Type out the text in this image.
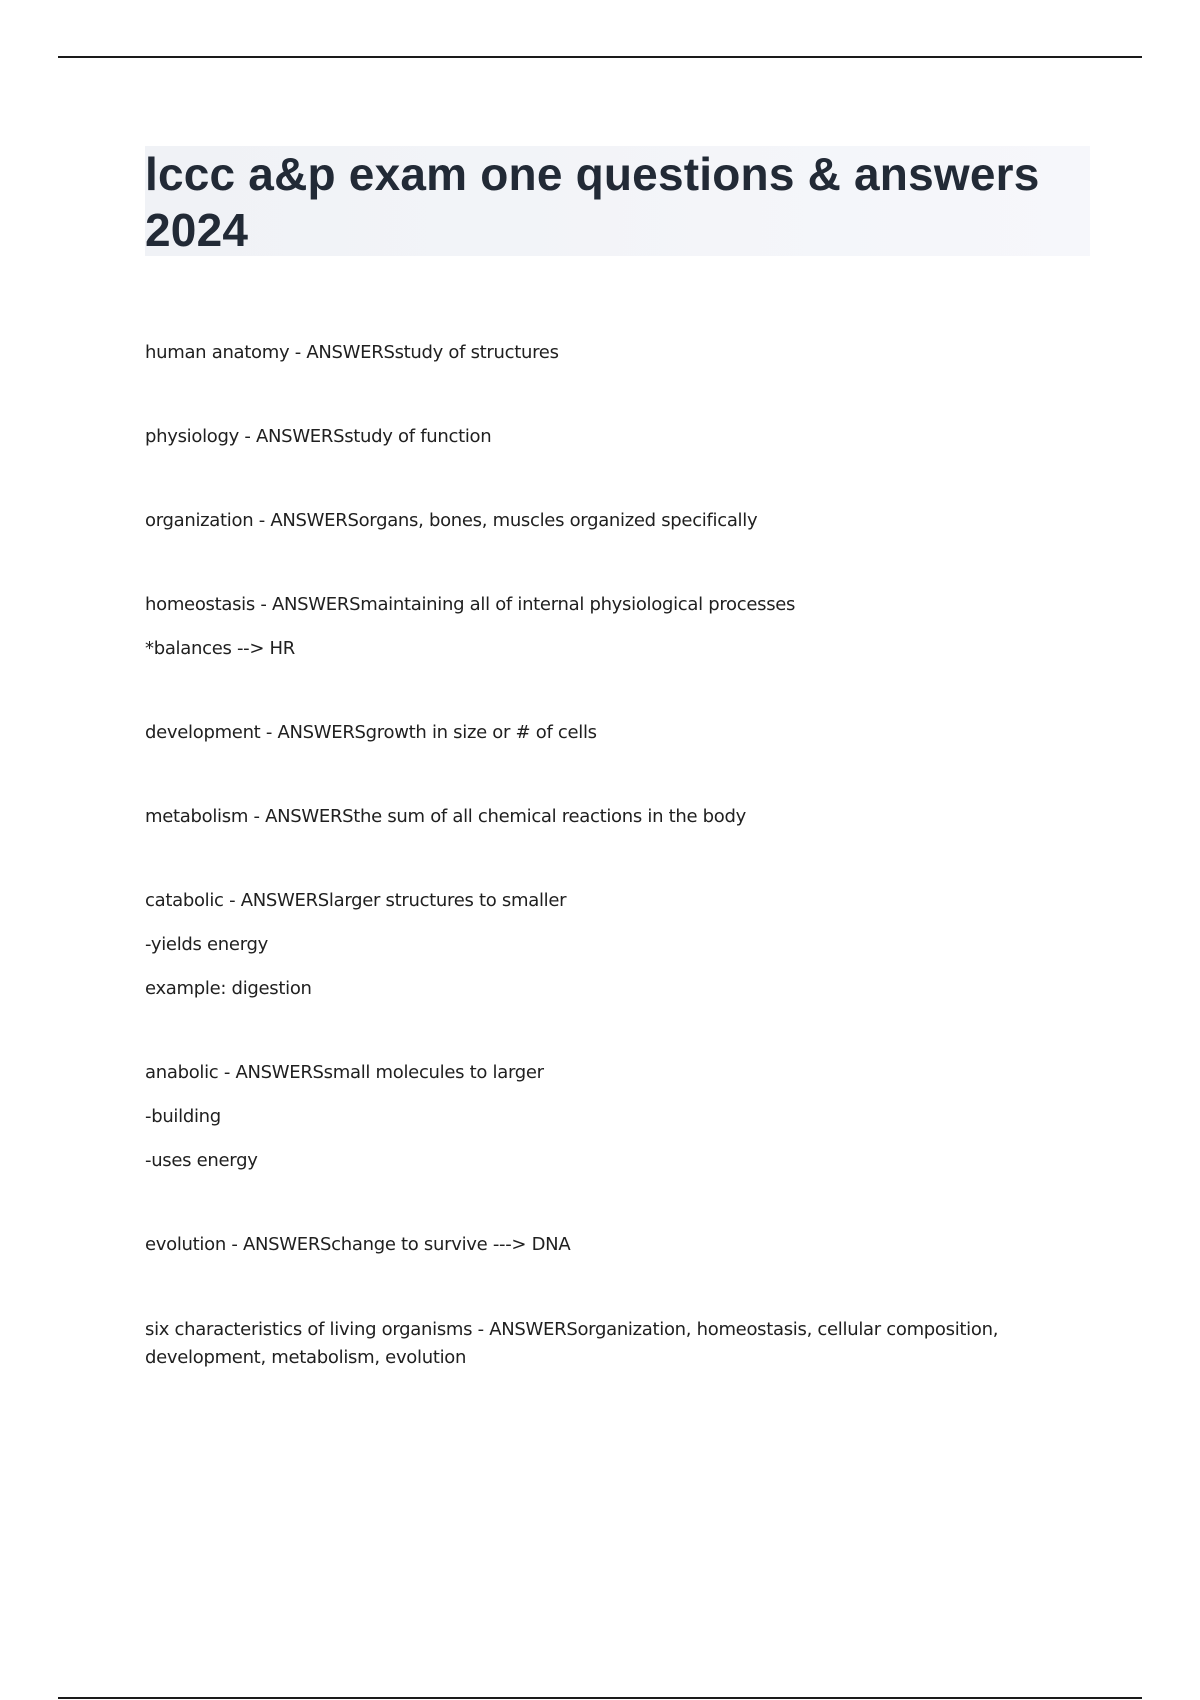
lccc a&p exam one questions & answers 2024

human anatomy - ANSWERSstudy of structures

physiology - ANSWERSstudy of function

organization - ANSWERSorgans, bones, muscles organized specifically

homeostasis - ANSWERSmaintaining all of internal physiological processes

*balances --> HR

development - ANSWERSgrowth in size or # of cells

metabolism - ANSWERSthe sum of all chemical reactions in the body

catabolic - ANSWERSlarger structures to smaller

-yields energy

example: digestion

anabolic - ANSWERSsmall molecules to larger

-building

-uses energy

evolution - ANSWERSchange to survive ---> DNA

six characteristics of living organisms - ANSWERSorganization, homeostasis, cellular composition, development, metabolism, evolution
